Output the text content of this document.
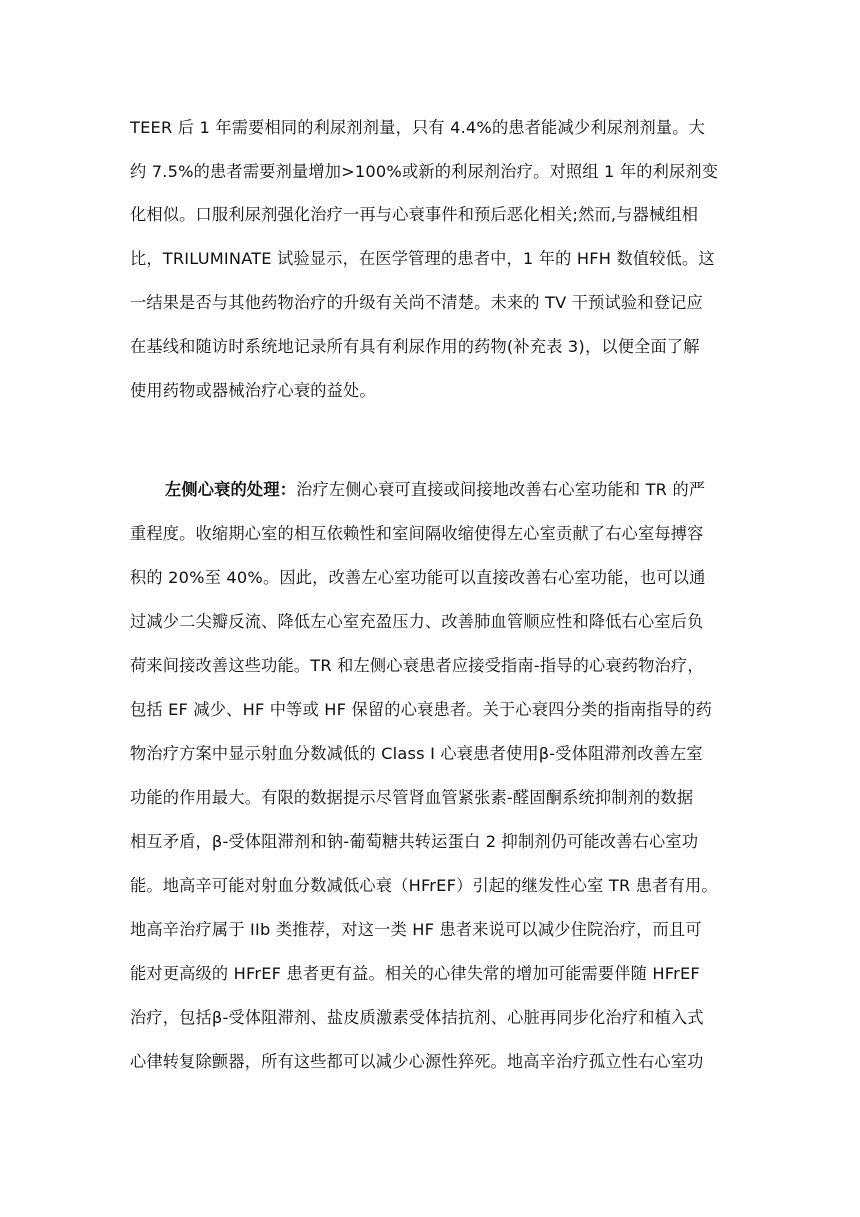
TEER 后 1 年需要相同的利尿剂剂量，只有 4.4%的患者能减少利尿剂剂量。大
约 7.5%的患者需要剂量增加>100%或新的利尿剂治疗。对照组 1 年的利尿剂变
化相似。口服利尿剂强化治疗一再与心衰事件和预后恶化相关;然而,与器械组相
比，TRILUMINATE 试验显示，在医学管理的患者中，1 年的 HFH 数值较低。这
一结果是否与其他药物治疗的升级有关尚不清楚。未来的 TV 干预试验和登记应
在基线和随访时系统地记录所有具有利尿作用的药物(补充表 3)，以便全面了解
使用药物或器械治疗心衰的益处。
左侧心衰的处理：治疗左侧心衰可直接或间接地改善右心室功能和 TR 的严
重程度。收缩期心室的相互依赖性和室间隔收缩使得左心室贡献了右心室每搏容
积的 20%至 40%。因此，改善左心室功能可以直接改善右心室功能，也可以通
过减少二尖瓣反流、降低左心室充盈压力、改善肺血管顺应性和降低右心室后负
荷来间接改善这些功能。TR 和左侧心衰患者应接受指南-指导的心衰药物治疗，
包括 EF 减少、HF 中等或 HF 保留的心衰患者。关于心衰四分类的指南指导的药
物治疗方案中显示射血分数减低的 Class I 心衰患者使用β-受体阻滞剂改善左室
功能的作用最大。有限的数据提示尽管肾血管紧张素-醛固酮系统抑制剂的数据
相互矛盾，β-受体阻滞剂和钠-葡萄糖共转运蛋白 2 抑制剂仍可能改善右心室功
能。地高辛可能对射血分数减低心衰（HFrEF）引起的继发性心室 TR 患者有用。
地高辛治疗属于 IIb 类推荐，对这一类 HF 患者来说可以减少住院治疗，而且可
能对更高级的 HFrEF 患者更有益。相关的心律失常的增加可能需要伴随 HFrEF
治疗，包括β-受体阻滞剂、盐皮质激素受体拮抗剂、心脏再同步化治疗和植入式
心律转复除颤器，所有这些都可以减少心源性猝死。地高辛治疗孤立性右心室功
